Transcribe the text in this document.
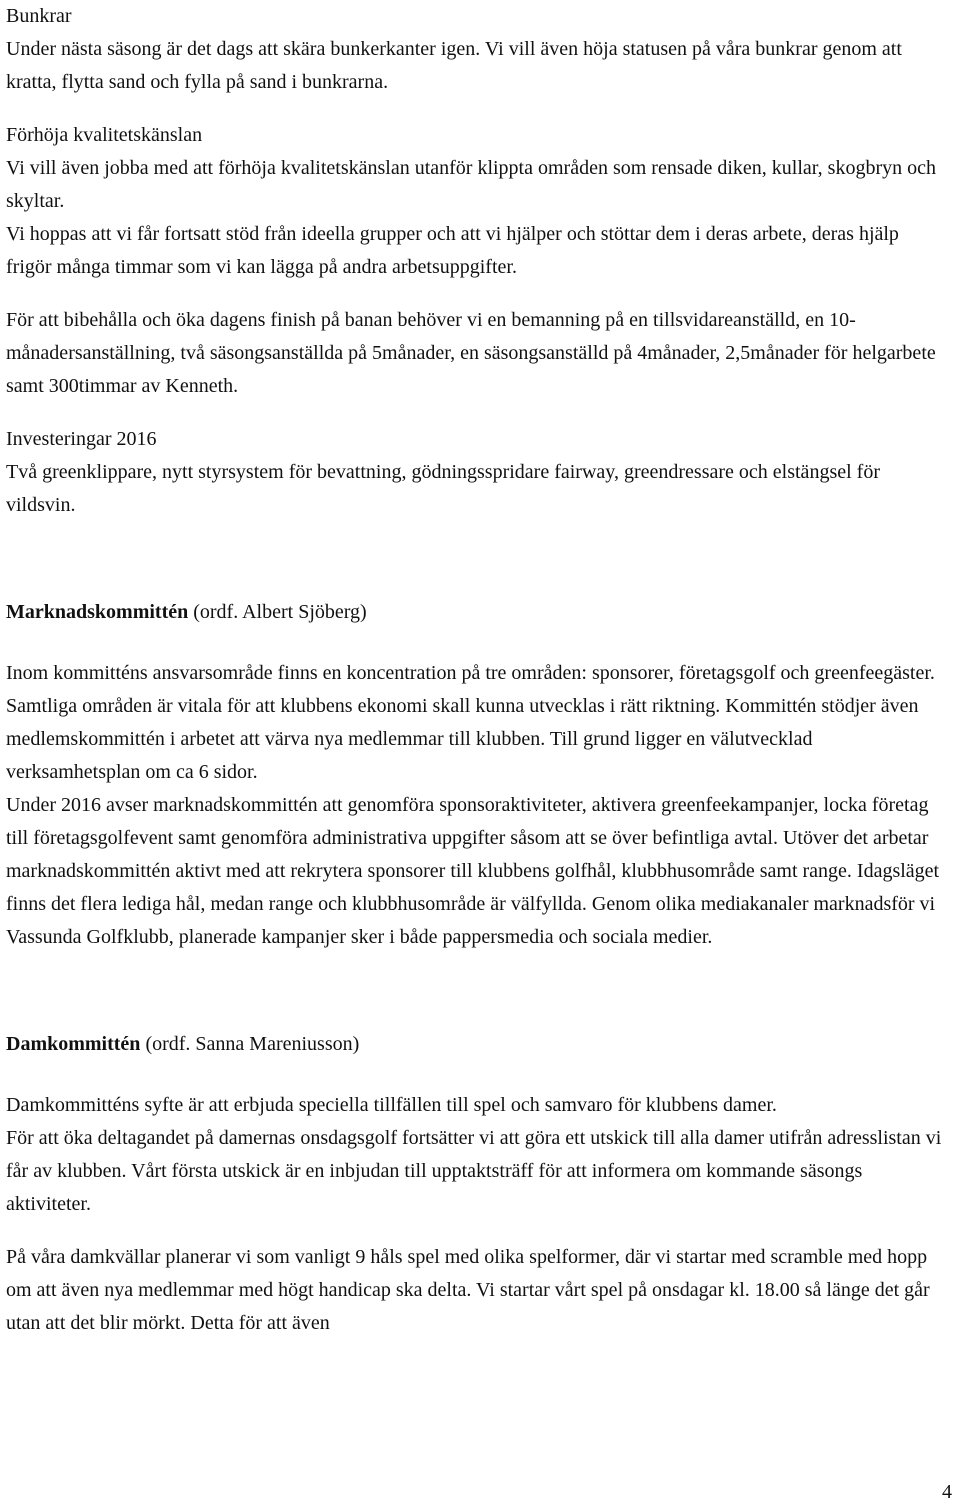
Bunkrar

Under nästa säsong är det dags att skära bunkerkanter igen. Vi vill även höja statusen på våra bunkrar genom att kratta, flytta sand och fylla på sand i bunkrarna.

Förhöja kvalitetskänslan

Vi vill även jobba med att förhöja kvalitetskänslan utanför klippta områden som rensade diken, kullar, skogbryn och skyltar.

Vi hoppas att vi får fortsatt stöd från ideella grupper och att vi hjälper och stöttar dem i deras arbete, deras hjälp frigör många timmar som vi kan lägga på andra arbetsuppgifter.

För att bibehålla och öka dagens finish på banan behöver vi en bemanning på en tillsvidareanställd, en 10-månadersanställning, två säsongsanställda på 5månader, en säsongsanställd på 4månader, 2,5månader för helgarbete samt 300timmar av Kenneth.

Investeringar 2016

Två greenklippare, nytt styrsystem för bevattning, gödningsspridare fairway, greendressare och elstängsel för vildsvin.

Marknadskommittén (ordf. Albert Sjöberg)

Inom kommitténs ansvarsområde finns en koncentration på tre områden: sponsorer, företagsgolf och greenfeegäster. Samtliga områden är vitala för att klubbens ekonomi skall kunna utvecklas i rätt riktning. Kommittén stödjer även medlemskommittén i arbetet att värva nya medlemmar till klubben. Till grund ligger en välutvecklad verksamhetsplan om ca 6 sidor.

Under 2016 avser marknadskommittén att genomföra sponsoraktiviteter, aktivera greenfeekampanjer, locka företag till företagsgolfevent samt genomföra administrativa uppgifter såsom att se över befintliga avtal. Utöver det arbetar marknadskommittén aktivt med att rekrytera sponsorer till klubbens golfhål, klubbhusområde samt range. Idagsläget finns det flera lediga hål, medan range och klubbhusområde är välfyllda. Genom olika mediakanaler marknadsför vi Vassunda Golfklubb, planerade kampanjer sker i både pappersmedia och sociala medier.

Damkommittén (ordf. Sanna Mareniusson)

Damkommitténs syfte är att erbjuda speciella tillfällen till spel och samvaro för klubbens damer.

För att öka deltagandet på damernas onsdagsgolf fortsätter vi att göra ett utskick till alla damer utifrån adresslistan vi får av klubben. Vårt första utskick är en inbjudan till upptaktsträff för att informera om kommande säsongs aktiviteter.

På våra damkvällar planerar vi som vanligt 9 håls spel med olika spelformer, där vi startar med scramble med hopp om att även nya medlemmar med högt handicap ska delta. Vi startar vårt spel på onsdagar kl. 18.00 så länge det går utan att det blir mörkt. Detta för att även

4
